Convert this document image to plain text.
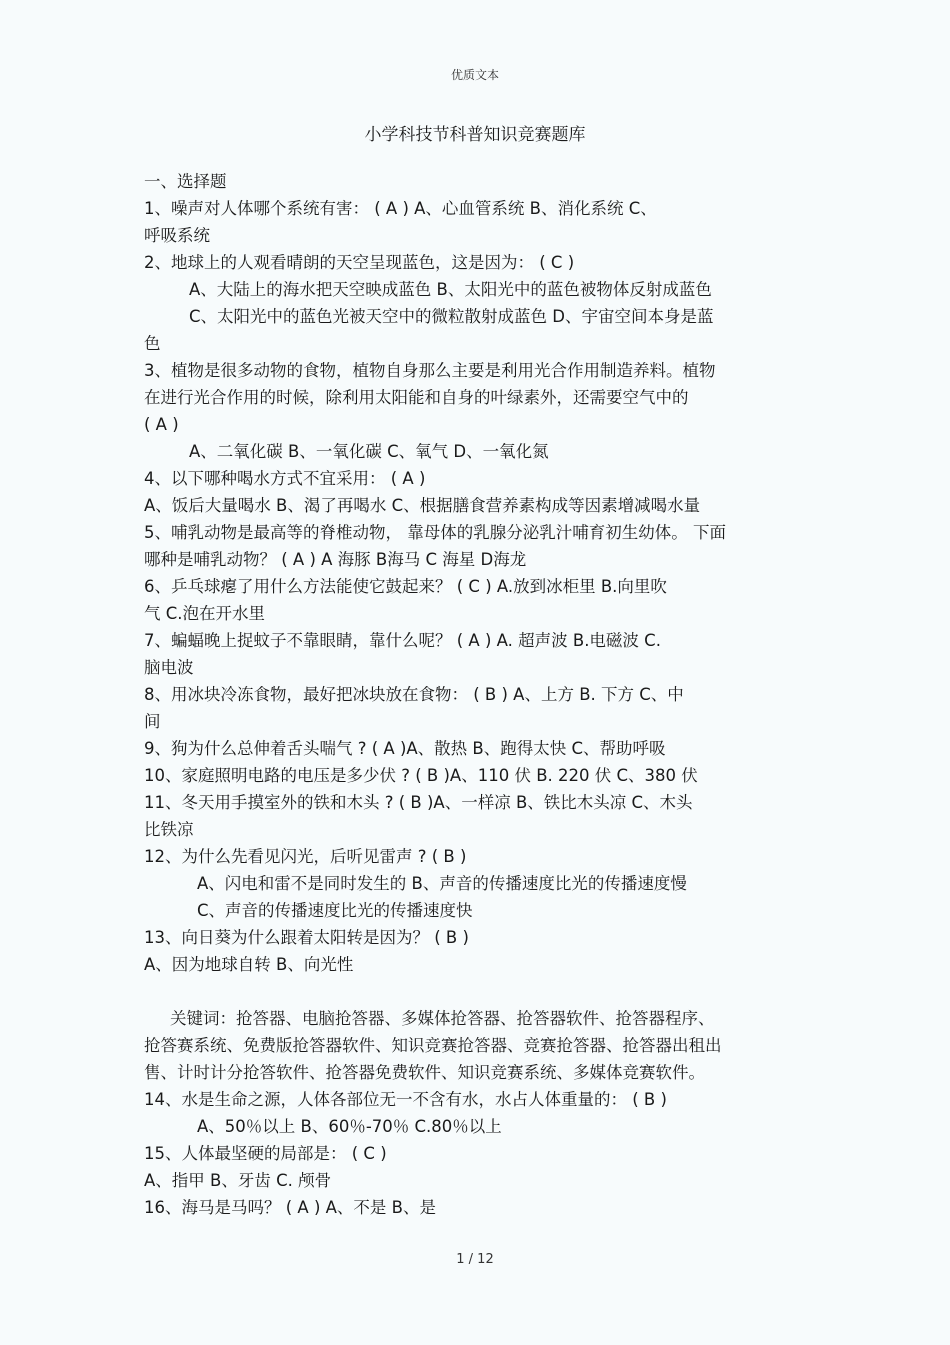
优质文本
小学科技节科普知识竞赛题库
一、选择题
1、噪声对人体哪个系统有害： ( A ) A、心血管系统 B、消化系统 C、
呼吸系统
2、地球上的人观看晴朗的天空呈现蓝色，这是因为： ( C )
A、大陆上的海水把天空映成蓝色 B、太阳光中的蓝色被物体反射成蓝色
C、太阳光中的蓝色光被天空中的微粒散射成蓝色 D、宇宙空间本身是蓝
色
3、植物是很多动物的食物，植物自身那么主要是利用光合作用制造养料。植物
在进行光合作用的时候，除利用太阳能和自身的叶绿素外，还需要空气中的
( A )
A、二氧化碳 B、一氧化碳 C、氧气 D、一氧化氮
4、以下哪种喝水方式不宜采用： ( A )
A、饭后大量喝水 B、渴了再喝水 C、根据膳食营养素构成等因素增减喝水量
5、哺乳动物是最高等的脊椎动物， 靠母体的乳腺分泌乳汁哺育初生幼体。 下面
哪种是哺乳动物？ ( A ) A 海豚 B海马 C 海星 D海龙
6、乒乓球瘪了用什么方法能使它鼓起来？ ( C ) A.放到冰柜里 B.向里吹
气 C.泡在开水里
7、蝙蝠晚上捉蚊子不靠眼睛，靠什么呢？ ( A ) A. 超声波 B.电磁波 C.
脑电波
8、用冰块冷冻食物，最好把冰块放在食物： ( B ) A、上方 B. 下方 C、中
间
9、狗为什么总伸着舌头喘气 ? ( A )A、散热 B、跑得太快 C、帮助呼吸
10、家庭照明电路的电压是多少伏 ? ( B )A、110 伏 B. 220 伏 C、380 伏
11、冬天用手摸室外的铁和木头 ? ( B )A、一样凉 B、铁比木头凉 C、木头
比铁凉
12、为什么先看见闪光，后听见雷声 ? ( B )
A、闪电和雷不是同时发生的 B、声音的传播速度比光的传播速度慢
C、声音的传播速度比光的传播速度快
13、向日葵为什么跟着太阳转是因为？ ( B )
A、因为地球自转 B、向光性
关键词：抢答器、电脑抢答器、多媒体抢答器、抢答器软件、抢答器程序、
抢答赛系统、免费版抢答器软件、知识竞赛抢答器、竞赛抢答器、抢答器出租出
售、计时计分抢答软件、抢答器免费软件、知识竞赛系统、多媒体竞赛软件。
14、水是生命之源，人体各部位无一不含有水，水占人体重量的： ( B )
A、50％以上 B、60％-70％ C.80％以上
15、人体最坚硬的局部是： ( C )
A、指甲 B、牙齿 C. 颅骨
16、海马是马吗？ ( A ) A、不是 B、是
1 / 12
